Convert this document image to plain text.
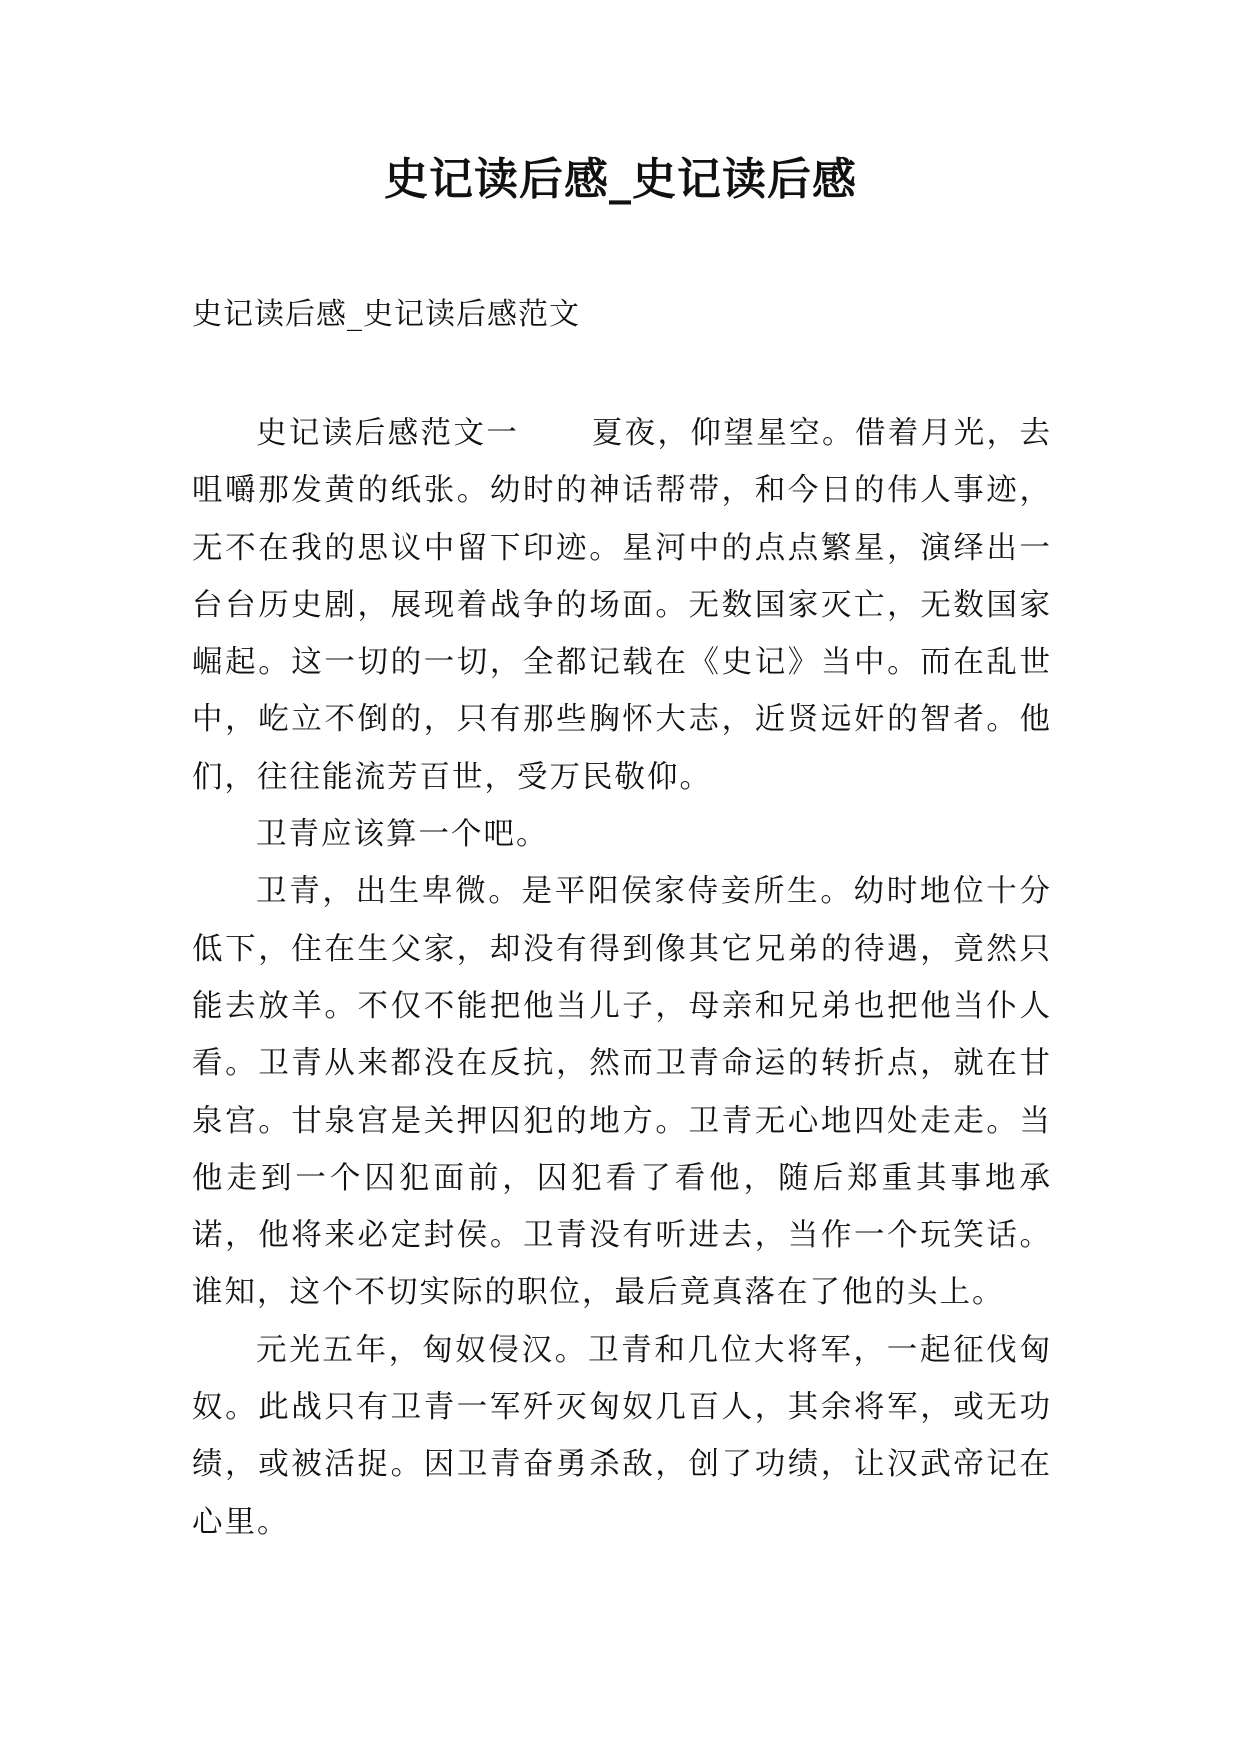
史记读后感_史记读后感

史记读后感_史记读后感范文

史记读后感范文一 夏夜，仰望星空。借着月光，去咀嚼那发黄的纸张。幼时的神话帮带，和今日的伟人事迹，无不在我的思议中留下印迹。星河中的点点繁星，演绎出一台台历史剧，展现着战争的场面。无数国家灭亡，无数国家崛起。这一切的一切，全都记载在《史记》当中。而在乱世中，屹立不倒的，只有那些胸怀大志，近贤远奸的智者。他们，往往能流芳百世，受万民敬仰。

卫青应该算一个吧。

卫青，出生卑微。是平阳侯家侍妾所生。幼时地位十分低下，住在生父家，却没有得到像其它兄弟的待遇，竟然只能去放羊。不仅不能把他当儿子，母亲和兄弟也把他当仆人看。卫青从来都没在反抗，然而卫青命运的转折点，就在甘泉宫。甘泉宫是关押囚犯的地方。卫青无心地四处走走。当他走到一个囚犯面前，囚犯看了看他，随后郑重其事地承诺，他将来必定封侯。卫青没有听进去，当作一个玩笑话。谁知，这个不切实际的职位，最后竟真落在了他的头上。

元光五年，匈奴侵汉。卫青和几位大将军，一起征伐匈奴。此战只有卫青一军歼灭匈奴几百人，其余将军，或无功绩，或被活捉。因卫青奋勇杀敌，创了功绩，让汉武帝记在心里。
